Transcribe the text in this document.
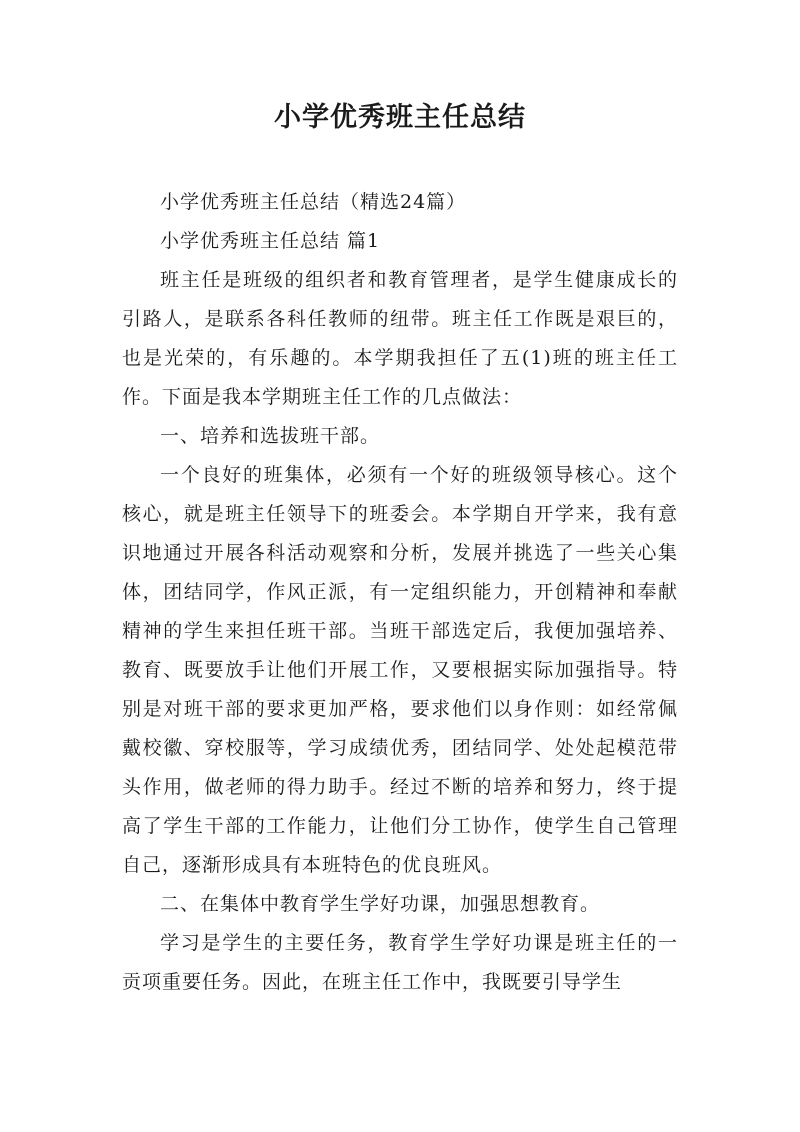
小学优秀班主任总结

小学优秀班主任总结（精选24篇）

小学优秀班主任总结 篇1

班主任是班级的组织者和教育管理者，是学生健康成长的引路人，是联系各科任教师的纽带。班主任工作既是艰巨的，也是光荣的，有乐趣的。本学期我担任了五(1)班的班主任工作。下面是我本学期班主任工作的几点做法：

一、培养和选拔班干部。

一个良好的班集体，必须有一个好的班级领导核心。这个核心，就是班主任领导下的班委会。本学期自开学来，我有意识地通过开展各科活动观察和分析，发展并挑选了一些关心集体，团结同学，作风正派，有一定组织能力，开创精神和奉献精神的学生来担任班干部。当班干部选定后，我便加强培养、教育、既要放手让他们开展工作，又要根据实际加强指导。特别是对班干部的要求更加严格，要求他们以身作则：如经常佩戴校徽、穿校服等，学习成绩优秀，团结同学、处处起模范带头作用，做老师的得力助手。经过不断的培养和努力，终于提高了学生干部的工作能力，让他们分工协作，使学生自己管理自己，逐渐形成具有本班特色的优良班风。

二、在集体中教育学生学好功课，加强思想教育。

学习是学生的主要任务，教育学生学好功课是班主任的一贡项重要任务。因此，在班主任工作中，我既要引导学生
